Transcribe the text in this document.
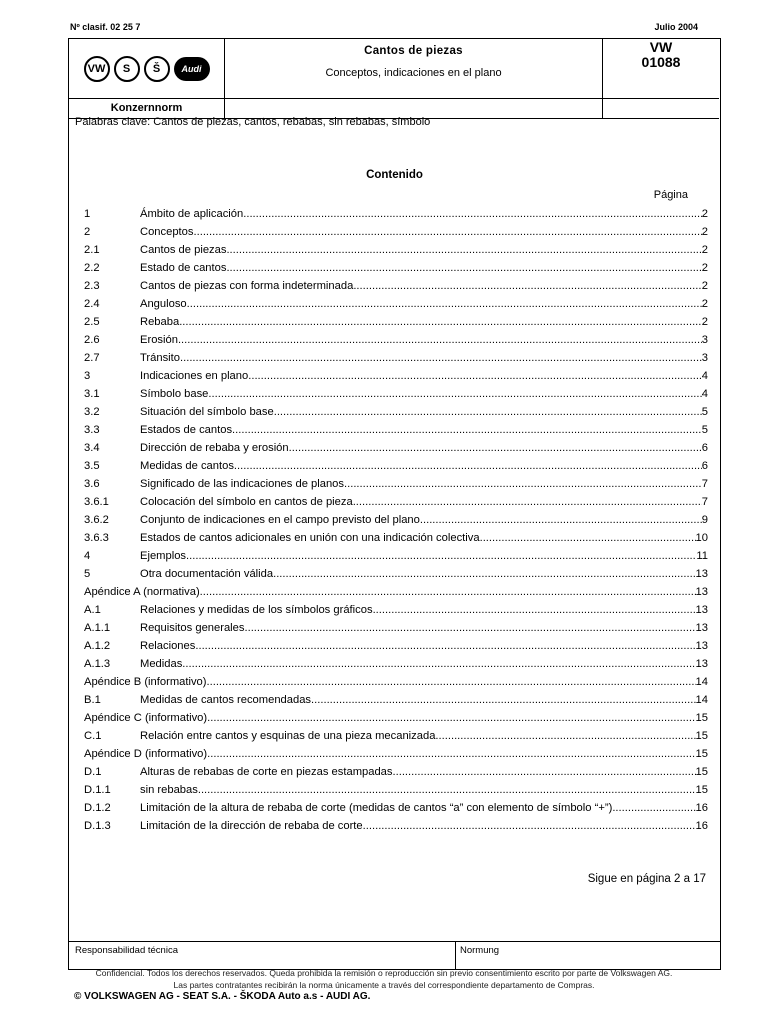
Nº clasif. 02 25 7	Julio 2004
VW	S	Š	Audi
Cantos de piezas
Conceptos, indicaciones en el plano
VW
01088
Konzernnorm
Palabras clave: Cantos de piezas, cantos, rebabas, sin rebabas, símbolo
Contenido
Página
1	Ámbito de aplicación .....	2
2	Conceptos .....	2
2.1	Cantos de piezas .....	2
2.2	Estado de cantos .....	2
2.3	Cantos de piezas con forma indeterminada .....	2
2.4	Anguloso .....	2
2.5	Rebaba .....	2
2.6	Erosión .....	3
2.7	Tránsito .....	3
3	Indicaciones en plano .....	4
3.1	Símbolo base .....	4
3.2	Situación del símbolo base .....	5
3.3	Estados de cantos .....	5
3.4	Dirección de rebaba y erosión .....	6
3.5	Medidas de cantos .....	6
3.6	Significado de las indicaciones de planos .....	7
3.6.1	Colocación del símbolo en cantos de pieza .....	7
3.6.2	Conjunto de indicaciones en el campo previsto del plano .....	9
3.6.3	Estados de cantos adicionales en unión con una indicación colectiva .....	10
4	Ejemplos .....	11
5	Otra documentación válida .....	13
Apéndice A (normativa) .....	13
A.1	Relaciones y medidas de los símbolos gráficos .....	13
A.1.1	Requisitos generales .....	13
A.1.2	Relaciones .....	13
A.1.3	Medidas .....	13
Apéndice B (informativo) .....	14
B.1	Medidas de cantos recomendadas .....	14
Apéndice C (informativo) .....	15
C.1	Relación entre cantos y esquinas de una pieza mecanizada .....	15
Apéndice D (informativo) .....	15
D.1	Alturas de rebabas de corte en piezas estampadas .....	15
D.1.1	sin rebabas .....	15
D.1.2	Limitación de la altura de rebaba de corte (medidas de cantos “a” con elemento de símbolo “+”) .....	16
D.1.3	Limitación de la dirección de rebaba de corte .....	16
Sigue en página 2 a 17
Responsabilidad técnica	Normung
Confidencial. Todos los derechos reservados. Queda prohibida la remisión o reproducción sin previo consentimiento escrito por parte de Volkswagen AG.
Las partes contratantes recibirán la norma únicamente a través del correspondiente departamento de Compras.
© VOLKSWAGEN AG - SEAT S.A. - ŠKODA Auto a.s - AUDI AG.
